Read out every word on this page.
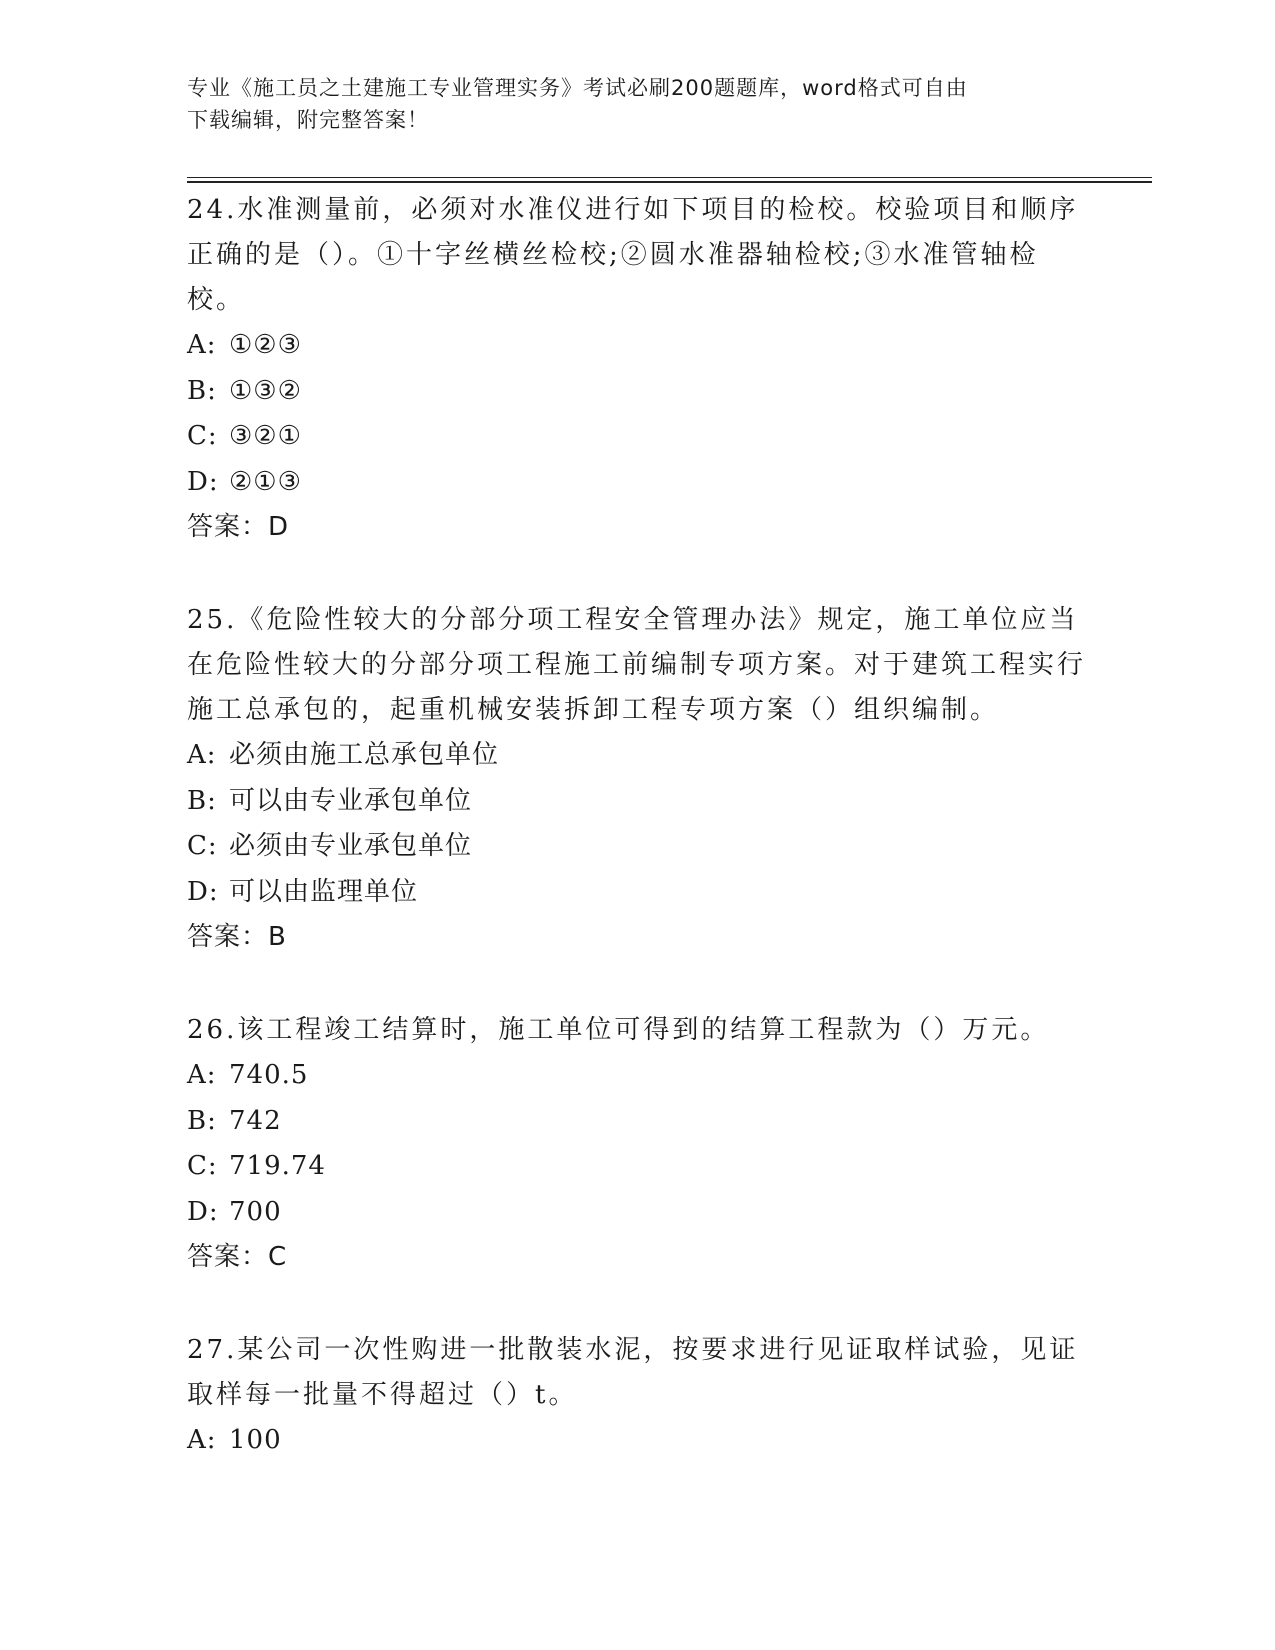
专业《施工员之土建施工专业管理实务》考试必刷200题题库，word格式可自由
下载编辑，附完整答案！

24.水准测量前，必须对水准仪进行如下项目的检校。校验项目和顺序正确的是（）。①十字丝横丝检校;②圆水准器轴检校;③水准管轴检校。

A: ①②③

B: ①③②

C: ③②①

D: ②①③

答案：D

25.《危险性较大的分部分项工程安全管理办法》规定，施工单位应当在危险性较大的分部分项工程施工前编制专项方案。对于建筑工程实行施工总承包的，起重机械安装拆卸工程专项方案（）组织编制。

A: 必须由施工总承包单位

B: 可以由专业承包单位

C: 必须由专业承包单位

D: 可以由监理单位

答案：B

26.该工程竣工结算时，施工单位可得到的结算工程款为（）万元。

A: 740.5

B: 742

C: 719.74

D: 700

答案：C

27.某公司一次性购进一批散装水泥，按要求进行见证取样试验，见证取样每一批量不得超过（）t。

A: 100
